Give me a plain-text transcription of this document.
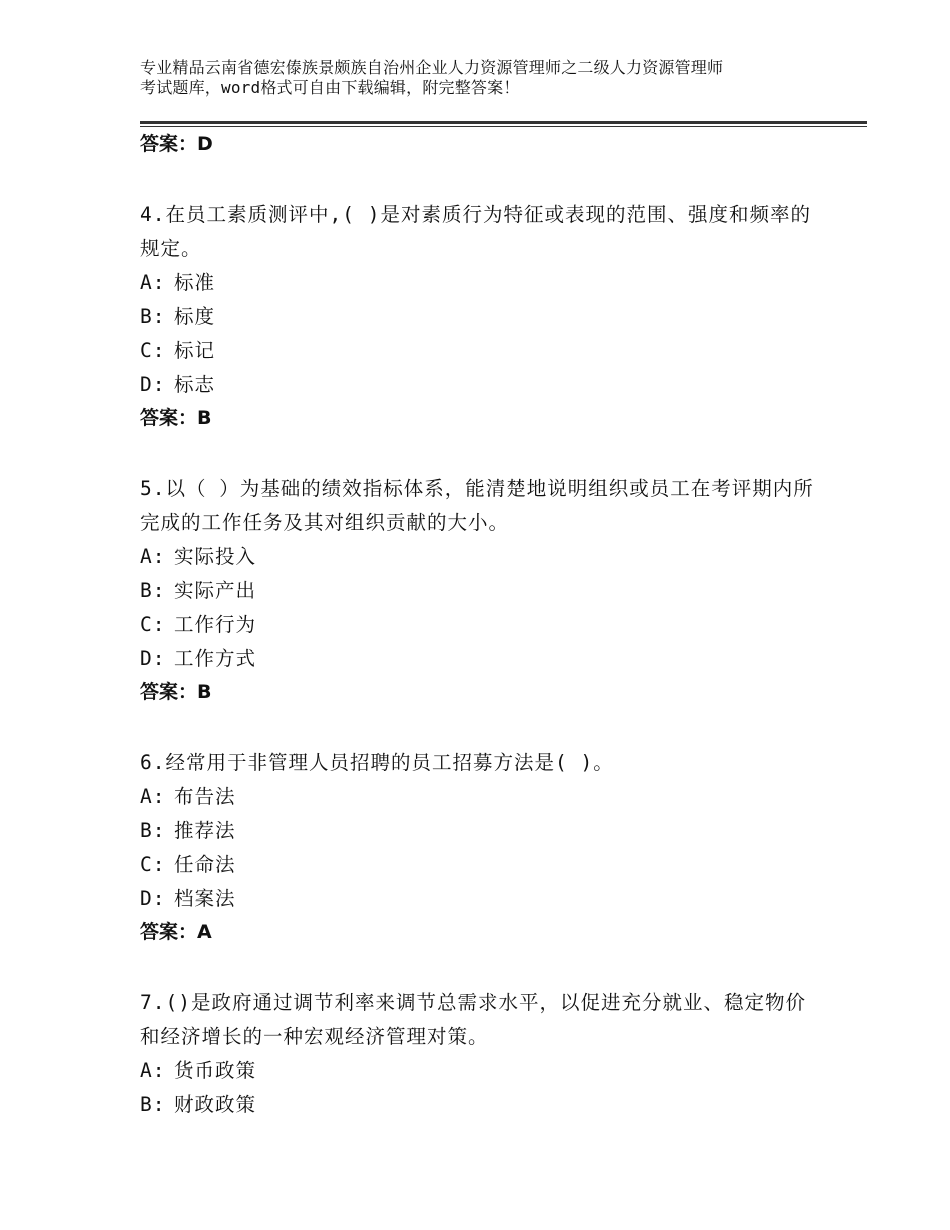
专业精品云南省德宏傣族景颇族自治州企业人力资源管理师之二级人力资源管理师
考试题库，word格式可自由下载编辑，附完整答案！

答案：D

4.在员工素质测评中,( )是对素质行为特征或表现的范围、强度和频率的规定。

A: 标准

B: 标度

C: 标记

D: 标志

答案：B

5.以（ ）为基础的绩效指标体系，能清楚地说明组织或员工在考评期内所完成的工作任务及其对组织贡献的大小。

A: 实际投入

B: 实际产出

C: 工作行为

D: 工作方式

答案：B

6.经常用于非管理人员招聘的员工招募方法是( )。

A: 布告法

B: 推荐法

C: 任命法

D: 档案法

答案：A

7.()是政府通过调节利率来调节总需求水平，以促进充分就业、稳定物价和经济增长的一种宏观经济管理对策。

A: 货币政策

B: 财政政策
